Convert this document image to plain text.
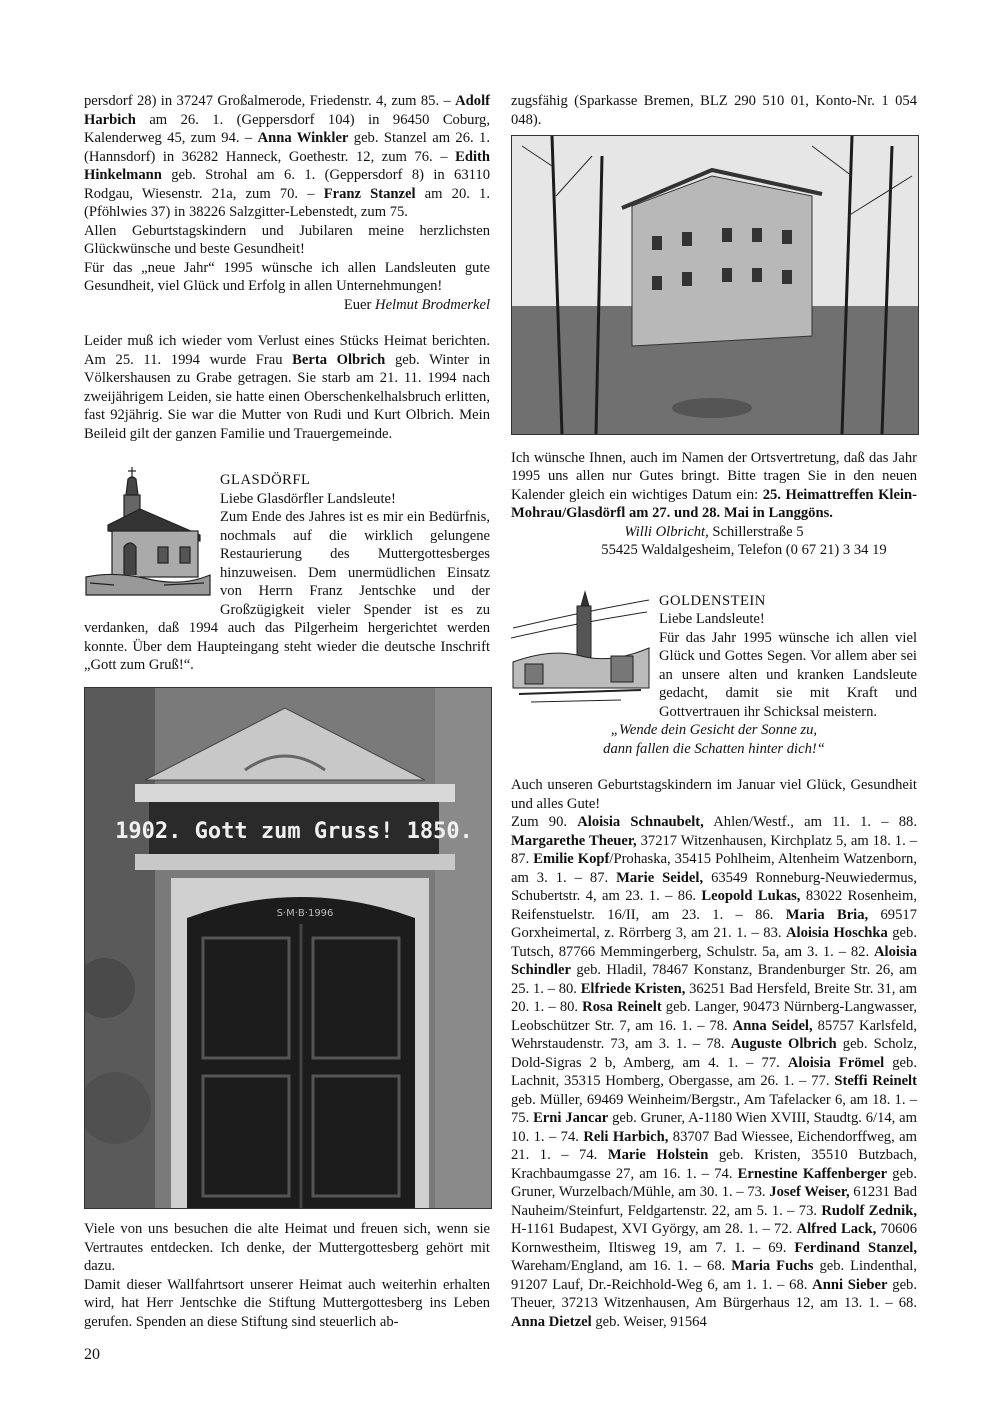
persdorf 28) in 37247 Großalmerode, Friedenstr. 4, zum 85. – Adolf Harbich am 26. 1. (Geppersdorf 104) in 96450 Coburg, Kalenderweg 45, zum 94. – Anna Winkler geb. Stanzel am 26. 1. (Hannsdorf) in 36282 Hanneck, Goethestr. 12, zum 76. – Edith Hinkelmann geb. Strohal am 6. 1. (Geppersdorf 8) in 63110 Rodgau, Wiesenstr. 21a, zum 70. – Franz Stanzel am 20. 1. (Pföhlwies 37) in 38226 Salzgitter-Lebenstedt, zum 75.

Allen Geburtstagskindern und Jubilaren meine herzlichsten Glückwünsche und beste Gesundheit!

Für das „neue Jahr“ 1995 wünsche ich allen Landsleuten gute Gesundheit, viel Glück und Erfolg in allen Unternehmungen!

Euer Helmut Brodmerkel

Leider muß ich wieder vom Verlust eines Stücks Heimat berichten. Am 25. 11. 1994 wurde Frau Berta Olbrich geb. Winter in Völkershausen zu Grabe getragen. Sie starb am 21. 11. 1994 nach zweijährigem Leiden, sie hatte einen Oberschenkelhalsbruch erlitten, fast 92jährig. Sie war die Mutter von Rudi und Kurt Olbrich. Mein Beileid gilt der ganzen Familie und Trauergemeinde.

GLASDÖRFL

Liebe Glasdörfler Landsleute!

Zum Ende des Jahres ist es mir ein Bedürfnis, nochmals auf die wirklich gelungene Restaurierung des Muttergottesberges hinzuweisen. Dem unermüdlichen Einsatz von Herrn Franz Jentschke und der Großzügigkeit vieler Spender ist es zu verdanken, daß 1994 auch das Pilgerheim hergerichtet werden konnte. Über dem Haupteingang steht wieder die deutsche Inschrift „Gott zum Gruß!“.

1902. Gott zum Gruss! 1850.
S·M·B·1996

Viele von uns besuchen die alte Heimat und freuen sich, wenn sie Vertrautes entdecken. Ich denke, der Muttergottesberg gehört mit dazu.

Damit dieser Wallfahrtsort unserer Heimat auch weiterhin erhalten wird, hat Herr Jentschke die Stiftung Muttergottesberg ins Leben gerufen. Spenden an diese Stiftung sind steuerlich ab-

zugsfähig (Sparkasse Bremen, BLZ 290 510 01, Konto-Nr. 1 054 048).

Ich wünsche Ihnen, auch im Namen der Ortsvertretung, daß das Jahr 1995 uns allen nur Gutes bringt. Bitte tragen Sie in den neuen Kalender gleich ein wichtiges Datum ein: 25. Heimattreffen Klein-Mohrau/Glasdörfl am 27. und 28. Mai in Langgöns.

Willi Olbricht, Schillerstraße 5

55425 Waldalgesheim, Telefon (0 67 21) 3 34 19

GOLDENSTEIN

Liebe Landsleute!

Für das Jahr 1995 wünsche ich allen viel Glück und Gottes Segen. Vor allem aber sei an unsere alten und kranken Landsleute gedacht, damit sie mit Kraft und Gottvertrauen ihr Schicksal meistern.

„Wende dein Gesicht der Sonne zu,

dann fallen die Schatten hinter dich!“

Auch unseren Geburtstagskindern im Januar viel Glück, Gesundheit und alles Gute!

Zum 90. Aloisia Schnaubelt, Ahlen/Westf., am 11. 1. – 88. Margarethe Theuer, 37217 Witzenhausen, Kirchplatz 5, am 18. 1. – 87. Emilie Kopf/Prohaska, 35415 Pohlheim, Altenheim Watzenborn, am 3. 1. – 87. Marie Seidel, 63549 Ronneburg-Neuwiedermus, Schubertstr. 4, am 23. 1. – 86. Leopold Lukas, 83022 Rosenheim, Reifenstuelstr. 16/II, am 23. 1. – 86. Maria Bria, 69517 Gorxheimertal, z. Rörrberg 3, am 21. 1. – 83. Aloisia Hoschka geb. Tutsch, 87766 Memmingerberg, Schulstr. 5a, am 3. 1. – 82. Aloisia Schindler geb. Hladil, 78467 Konstanz, Brandenburger Str. 26, am 25. 1. – 80. Elfriede Kristen, 36251 Bad Hersfeld, Breite Str. 31, am 20. 1. – 80. Rosa Reinelt geb. Langer, 90473 Nürnberg-Langwasser, Leobschützer Str. 7, am 16. 1. – 78. Anna Seidel, 85757 Karlsfeld, Wehrstaudenstr. 73, am 3. 1. – 78. Auguste Olbrich geb. Scholz, Dold-Sigras 2 b, Amberg, am 4. 1. – 77. Aloisia Frömel geb. Lachnit, 35315 Homberg, Obergasse, am 26. 1. – 77. Steffi Reinelt geb. Müller, 69469 Weinheim/Bergstr., Am Tafelacker 6, am 18. 1. – 75. Erni Jancar geb. Gruner, A-1180 Wien XVIII, Staudtg. 6/14, am 10. 1. – 74. Reli Harbich, 83707 Bad Wiessee, Eichendorffweg, am 21. 1. – 74. Marie Holstein geb. Kristen, 35510 Butzbach, Krachbaumgasse 27, am 16. 1. – 74. Ernestine Kaffenberger geb. Gruner, Wurzelbach/Mühle, am 30. 1. – 73. Josef Weiser, 61231 Bad Nauheim/Steinfurt, Feldgartenstr. 22, am 5. 1. – 73. Rudolf Zednik, H-1161 Budapest, XVI György, am 28. 1. – 72. Alfred Lack, 70606 Kornwestheim, Iltisweg 19, am 7. 1. – 69. Ferdinand Stanzel, Wareham/England, am 16. 1. – 68. Maria Fuchs geb. Lindenthal, 91207 Lauf, Dr.-Reichhold-Weg 6, am 1. 1. – 68. Anni Sieber geb. Theuer, 37213 Witzenhausen, Am Bürgerhaus 12, am 13. 1. – 68. Anna Dietzel geb. Weiser, 91564

20
